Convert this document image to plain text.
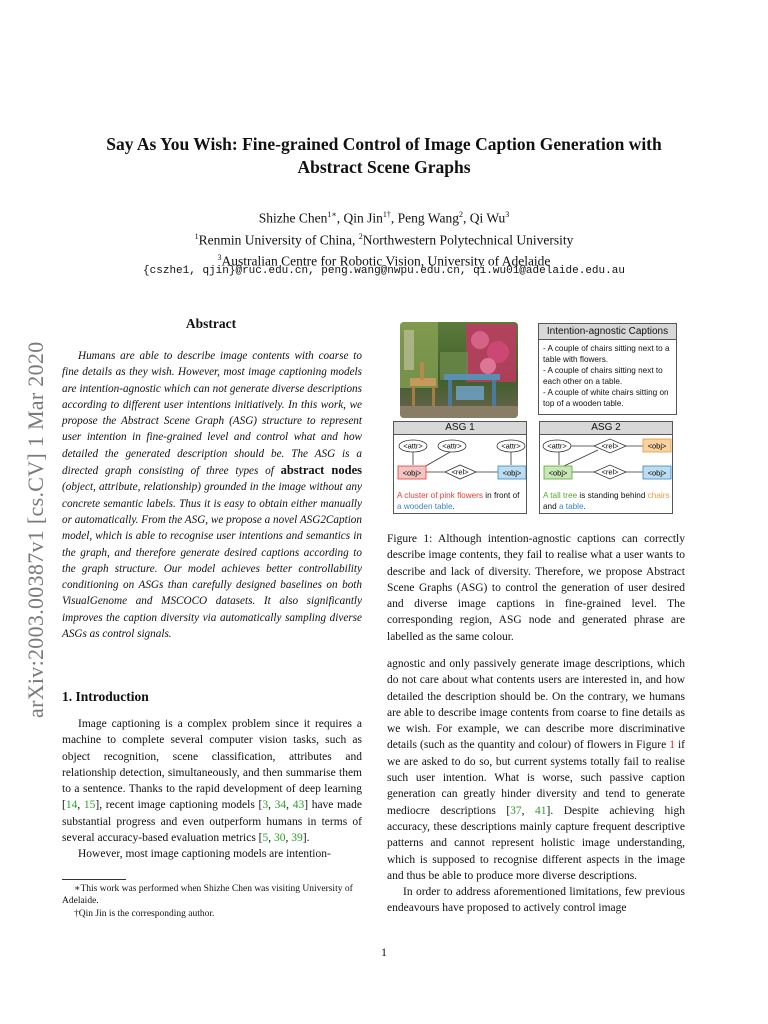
arXiv:2003.00387v1 [cs.CV] 1 Mar 2020
Say As You Wish: Fine-grained Control of Image Caption Generation with
Abstract Scene Graphs
Shizhe Chen$^{1∗}$, Qin Jin$^{1\dagger}$, Peng Wang$^2$, Qi Wu$^3$
$^1$Renmin University of China, $^2$Northwestern Polytechnical University
$^3$Australian Centre for Robotic Vision, University of Adelaide
{cszhe1, qjin}@ruc.edu.cn, peng.wang@nwpu.edu.cn, qi.wu01@adelaide.edu.au
Abstract
Humans are able to describe image contents with coarse to fine details as they wish. However, most image captioning models are intention-agnostic which can not generate diverse descriptions according to different user intentions initiatively. In this work, we propose the Abstract Scene Graph (ASG) structure to represent user intention in fine-grained level and control what and how detailed the generated description should be. The ASG is a directed graph consisting of three types of abstract nodes (object, attribute, relationship) grounded in the image without any concrete semantic labels. Thus it is easy to obtain either manually or automatically. From the ASG, we propose a novel ASG2Caption model, which is able to recognise user intentions and semantics in the graph, and therefore generate desired captions according to the graph structure. Our model achieves better controllability conditioning on ASGs than carefully designed baselines on both VisualGenome and MSCOCO datasets. It also significantly improves the caption diversity via automatically sampling diverse ASGs as control signals.
1. Introduction

Image captioning is a complex problem since it requires a machine to complete several computer vision tasks, such as object recognition, scene classification, attributes and relationship detection, simultaneously, and then summarise them to a sentence. Thanks to the rapid development of deep learning [14, 15], recent image captioning models [3, 34, 43] have made substantial progress and even outperform humans in terms of several accuracy-based evaluation metrics [5, 30, 39].

However, most image captioning models are intention-

∗This work was performed when Shizhe Chen was visiting University of Adelaide.
†Qin Jin is the corresponding author.
Intention-agnostic Captions
- A couple of chairs sitting next to a table with flowers.
- A couple of chairs sitting next to each other on a table.
- A couple of white chairs sitting on top of a wooden table.
ASG 1
<attr>	<attr>	<attr>
<obj>	<rel>	<obj>
A cluster of pink flowers in front of a wooden table.
ASG 2
<attr>	<rel>	<obj>
<obj>	<rel>	<obj>
A tall tree is standing behind chairs and a table.
Figure 1: Although intention-agnostic captions can correctly describe image contents, they fail to realise what a user wants to describe and lack of diversity. Therefore, we propose Abstract Scene Graphs (ASG) to control the generation of user desired and diverse image captions in fine-grained level. The corresponding region, ASG node and generated phrase are labelled as the same colour.

agnostic and only passively generate image descriptions, which do not care about what contents users are interested in, and how detailed the description should be. On the contrary, we humans are able to describe image contents from coarse to fine details as we wish. For example, we can describe more discriminative details (such as the quantity and colour) of flowers in Figure 1 if we are asked to do so, but current systems totally fail to realise such user intention. What is worse, such passive caption generation can greatly hinder diversity and tend to generate mediocre descriptions [37, 41]. Despite achieving high accuracy, these descriptions mainly capture frequent descriptive patterns and cannot represent holistic image understanding, which is supposed to recognise different aspects in the image and thus be able to produce more diverse descriptions.

In order to address aforementioned limitations, few previous endeavours have proposed to actively control image

1
